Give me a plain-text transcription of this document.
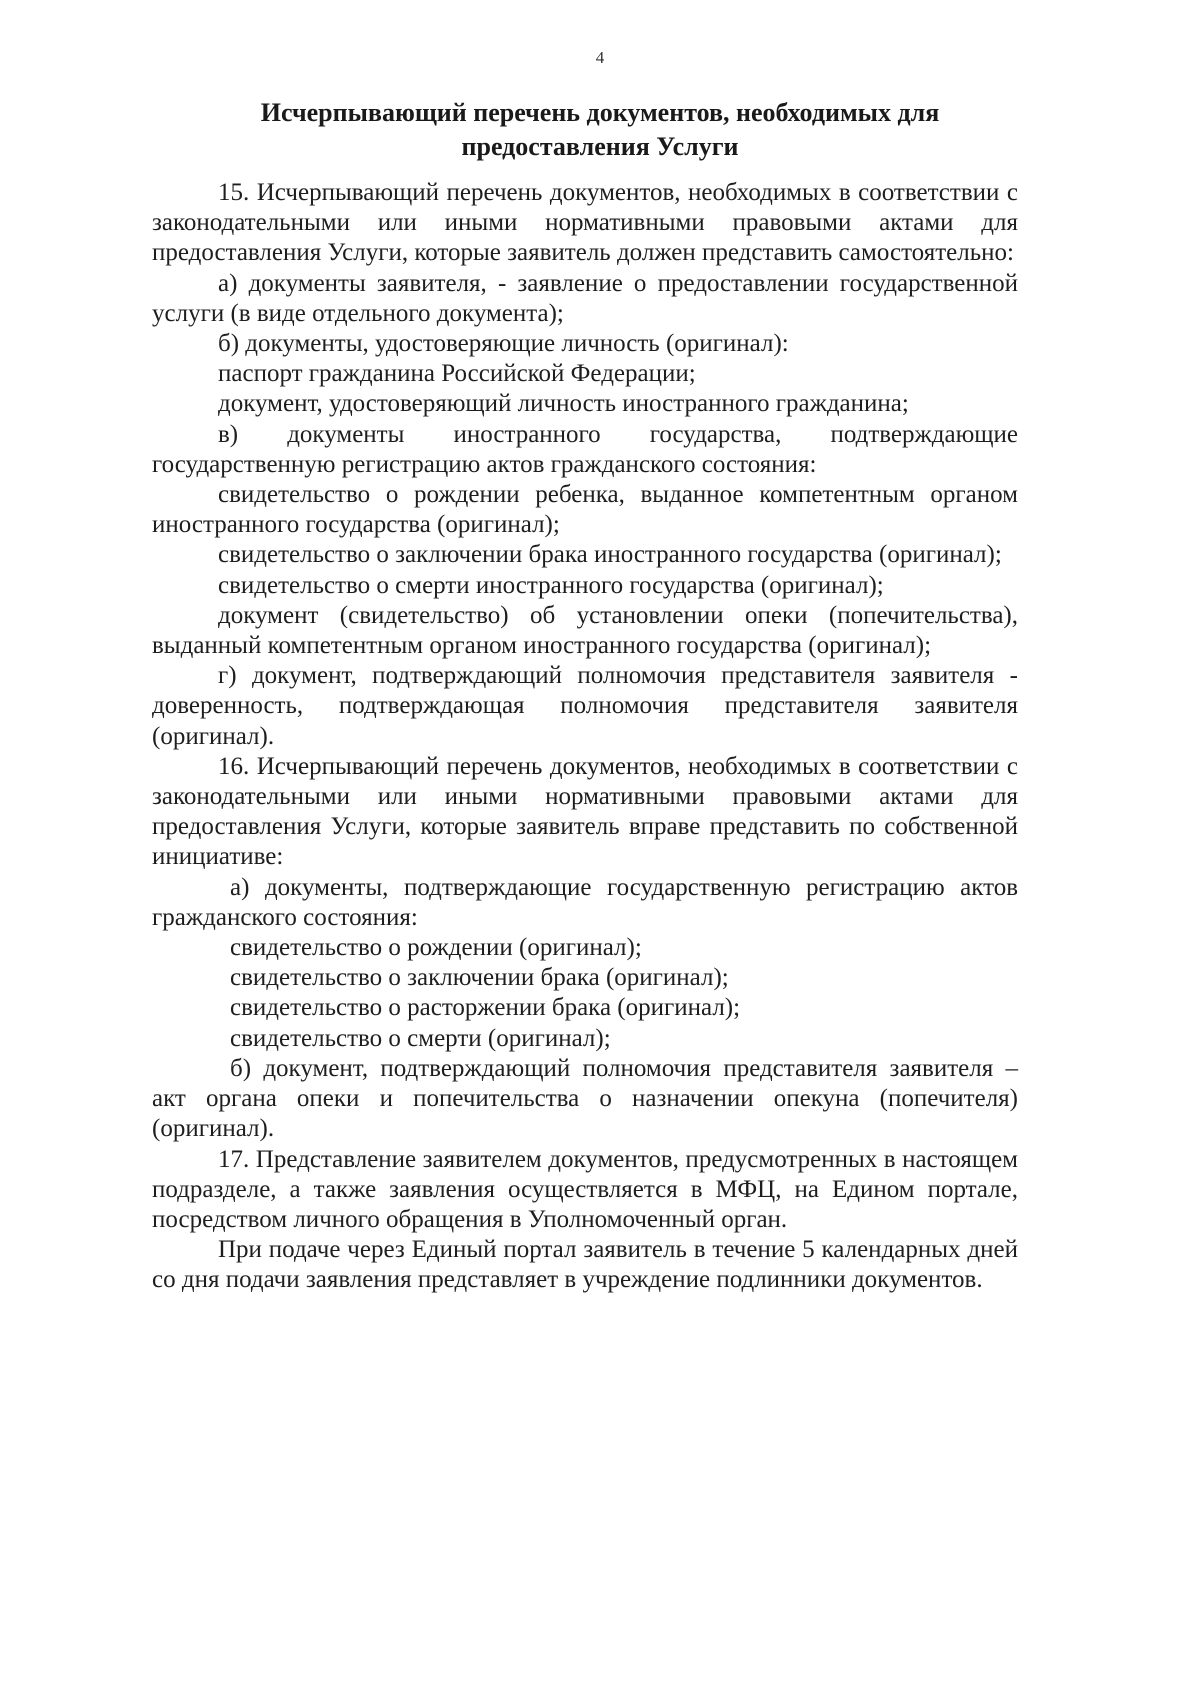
4
Исчерпывающий перечень документов, необходимых для
предоставления Услуги

15. Исчерпывающий перечень документов, необходимых в соответствии с законодательными или иными нормативными правовыми актами для предоставления Услуги, которые заявитель должен представить самостоятельно:

а) документы заявителя, - заявление о предоставлении государственной услуги (в виде отдельного документа);

б) документы, удостоверяющие личность (оригинал):

паспорт гражданина Российской Федерации;

документ, удостоверяющий личность иностранного гражданина;

в) документы иностранного государства, подтверждающие государственную регистрацию актов гражданского состояния:

свидетельство о рождении ребенка, выданное компетентным органом иностранного государства (оригинал);

свидетельство о заключении брака иностранного государства (оригинал);

свидетельство о смерти иностранного государства (оригинал);

документ (свидетельство) об установлении опеки (попечительства), выданный компетентным органом иностранного государства (оригинал);

г) документ, подтверждающий полномочия представителя заявителя - доверенность, подтверждающая полномочия представителя заявителя (оригинал).

16. Исчерпывающий перечень документов, необходимых в соответствии с законодательными или иными нормативными правовыми актами для предоставления Услуги, которые заявитель вправе представить по собственной инициативе:

а) документы, подтверждающие государственную регистрацию актов гражданского состояния:

свидетельство о рождении (оригинал);

свидетельство о заключении брака (оригинал);

свидетельство о расторжении брака (оригинал);

свидетельство о смерти (оригинал);

б) документ, подтверждающий полномочия представителя заявителя – акт органа опеки и попечительства о назначении опекуна (попечителя) (оригинал).

17. Представление заявителем документов, предусмотренных в настоящем подразделе, а также заявления осуществляется в МФЦ, на Едином портале, посредством личного обращения в Уполномоченный орган.

При подаче через Единый портал заявитель в течение 5 календарных дней со дня подачи заявления представляет в учреждение подлинники документов.
